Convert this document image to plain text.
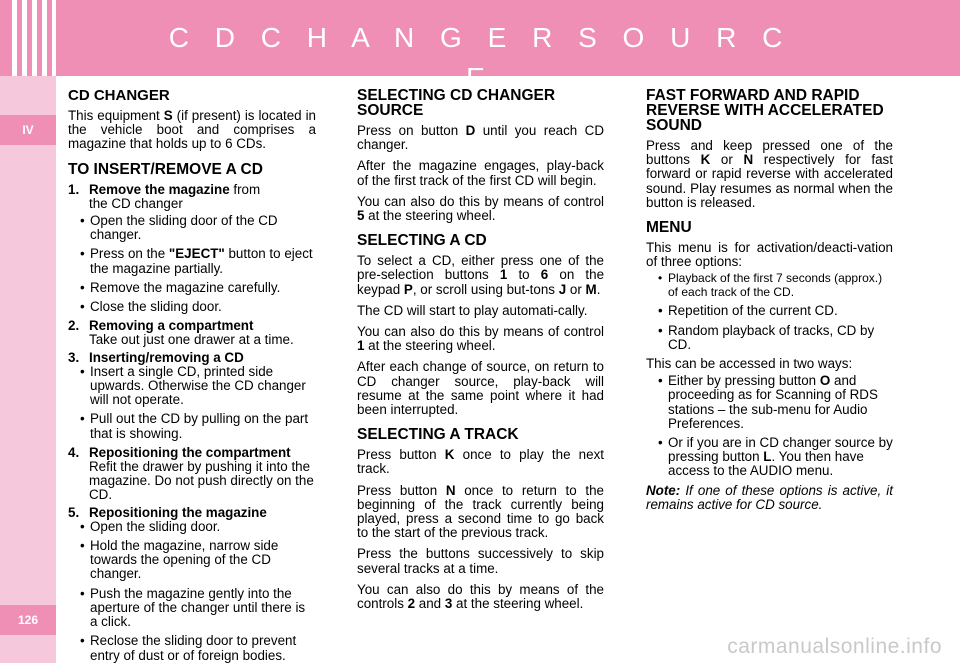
C D C H A N G E R S O U R C E
IV
126
CD CHANGER

This equipment S (if present) is located in the vehicle boot and comprises a magazine that holds up to 6 CDs.

TO INSERT/REMOVE A CD
1. Remove the magazine from
the CD changer
• Open the sliding door of the CD changer.
• Press on the "EJECT" button to eject the magazine partially.
• Remove the magazine carefully.
• Close the sliding door.
2. Removing a compartment
Take out just one drawer at a time.
3. Inserting/removing a CD
• Insert a single CD, printed side upwards. Otherwise the CD changer will not operate.
• Pull out the CD by pulling on the part that is showing.
4. Repositioning the compartment
Refit the drawer by pushing it into the magazine. Do not push directly on the CD.
5. Repositioning the magazine
• Open the sliding door.
• Hold the magazine, narrow side towards the opening of the CD changer.
• Push the magazine gently into the aperture of the changer until there is a click.
• Reclose the sliding door to prevent entry of dust or of foreign bodies.
SELECTING CD CHANGER SOURCE

Press on button D until you reach CD changer.

After the magazine engages, play-back of the first track of the first CD will begin.

You can also do this by means of control 5 at the steering wheel.

SELECTING A CD

To select a CD, either press one of the pre-selection buttons 1 to 6 on the keypad P, or scroll using but-tons J or M.

The CD will start to play automati-cally.

You can also do this by means of control 1 at the steering wheel.

After each change of source, on return to CD changer source, play-back will resume at the same point where it had been interrupted.

SELECTING A TRACK

Press button K once to play the next track.

Press button N once to return to the beginning of the track currently being played, press a second time to go back to the start of the previous track.

Press the buttons successively to skip several tracks at a time.

You can also do this by means of the controls 2 and 3 at the steering wheel.

FAST FORWARD AND RAPID REVERSE WITH ACCELERATED SOUND

Press and keep pressed one of the buttons K or N respectively for fast forward or rapid reverse with accelerated sound. Play resumes as normal when the button is released.

MENU

This menu is for activation/deacti-vation of three options:

• Playback of the first 7 seconds (approx.) of each track of the CD.
• Repetition of the current CD.
• Random playback of tracks, CD by CD.

This can be accessed in two ways:

• Either by pressing button O and proceeding as for Scanning of RDS stations – the sub-menu for Audio Preferences.
• Or if you are in CD changer source by pressing button L. You then have access to the AUDIO menu.

Note: If one of these options is active, it remains active for CD source.

carmanualsonline.info
